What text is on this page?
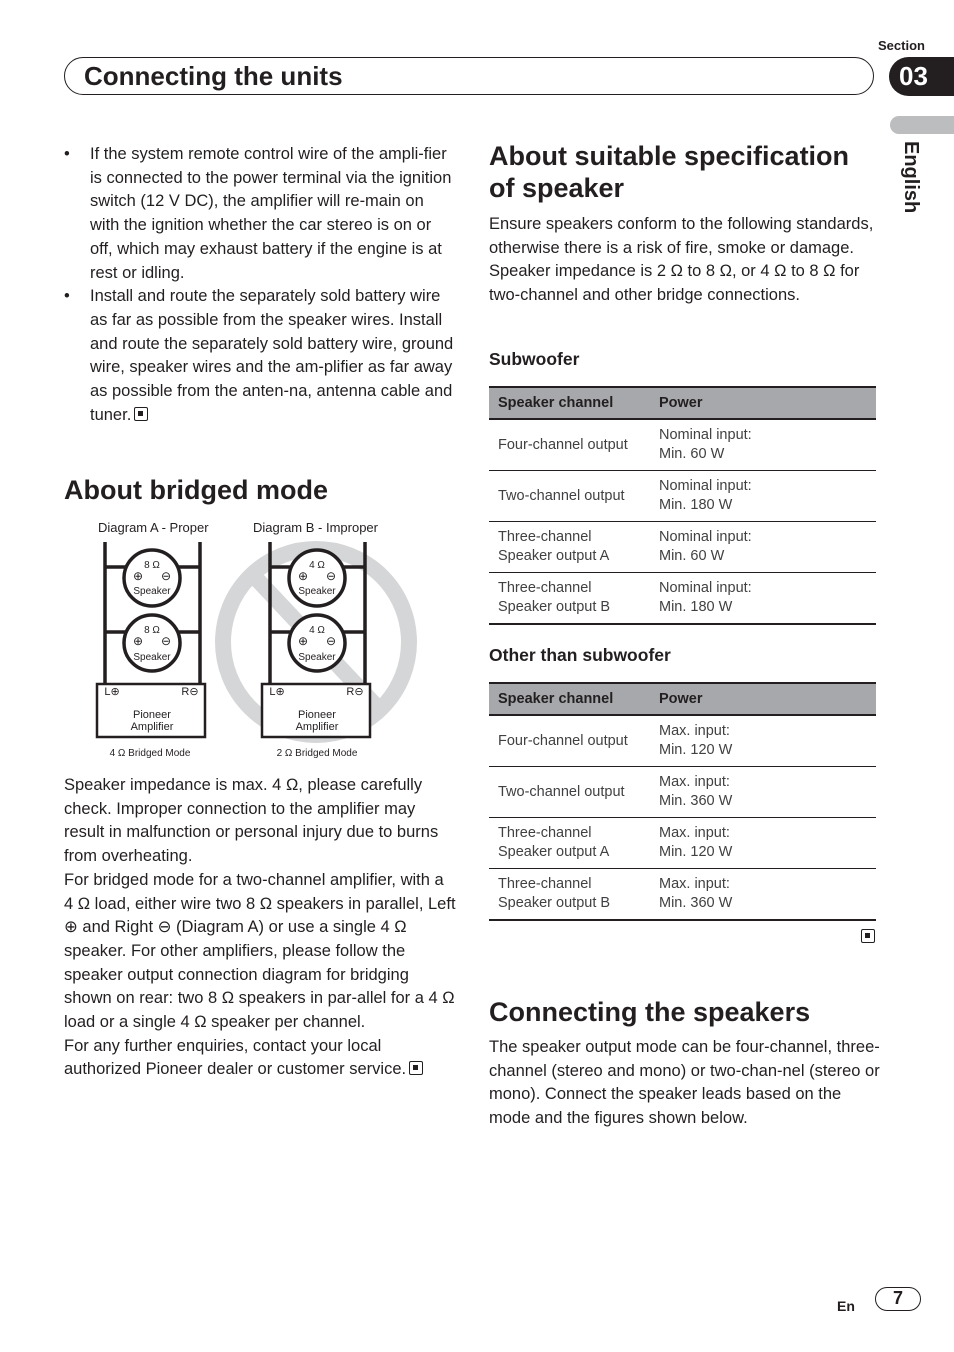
Section
03
Connecting the units
English
• If the system remote control wire of the ampli-fier is connected to the power terminal via the ignition switch (12 V DC), the amplifier will re-main on with the ignition whether the car stereo is on or off, which may exhaust battery if the engine is at rest or idling.
• Install and route the separately sold battery wire as far as possible from the speaker wires. Install and route the separately sold battery wire, ground wire, speaker wires and the am-plifier as far away as possible from the anten-na, antenna cable and tuner.
About bridged mode
Diagram A - Proper	Diagram B - Improper
8 Ω
⊕ ⊖
Speaker
8 Ω
⊕ ⊖
Speaker
L⊕	R⊖
Pioneer
Amplifier
4 Ω Bridged Mode
4 Ω
⊕ ⊖
Speaker
4 Ω
⊕ ⊖
Speaker
L⊕	R⊖
Pioneer
Amplifier
2 Ω Bridged Mode

Speaker impedance is max. 4 Ω, please carefully check. Improper connection to the amplifier may result in malfunction or personal injury due to burns from overheating.

For bridged mode for a two-channel amplifier, with a 4 Ω load, either wire two 8 Ω speakers in parallel, Left ⊕ and Right ⊖ (Diagram A) or use a single 4 Ω speaker. For other amplifiers, please follow the speaker output connection diagram for bridging shown on rear: two 8 Ω speakers in par-allel for a 4 Ω load or a single 4 Ω speaker per channel.

For any further enquiries, contact your local authorized Pioneer dealer or customer service.

About suitable specification of speaker

Ensure speakers conform to the following standards, otherwise there is a risk of fire, smoke or damage. Speaker impedance is 2 Ω to 8 Ω, or 4 Ω to 8 Ω for two-channel and other bridge connections.

Subwoofer
Speaker channel	Power
Four-channel output	Nominal input:
Min. 60 W
Two-channel output	Nominal input:
Min. 180 W
Three-channel Speaker output A	Nominal input:
Min. 60 W
Three-channel Speaker output B	Nominal input:
Min. 180 W
Other than subwoofer
Speaker channel	Power
Four-channel output	Max. input:
Min. 120 W
Two-channel output	Max. input:
Min. 360 W
Three-channel Speaker output A	Max. input:
Min. 120 W
Three-channel Speaker output B	Max. input:
Min. 360 W
Connecting the speakers

The speaker output mode can be four-channel, three-channel (stereo and mono) or two-chan-nel (stereo or mono). Connect the speaker leads based on the mode and the figures shown below.

En	7
